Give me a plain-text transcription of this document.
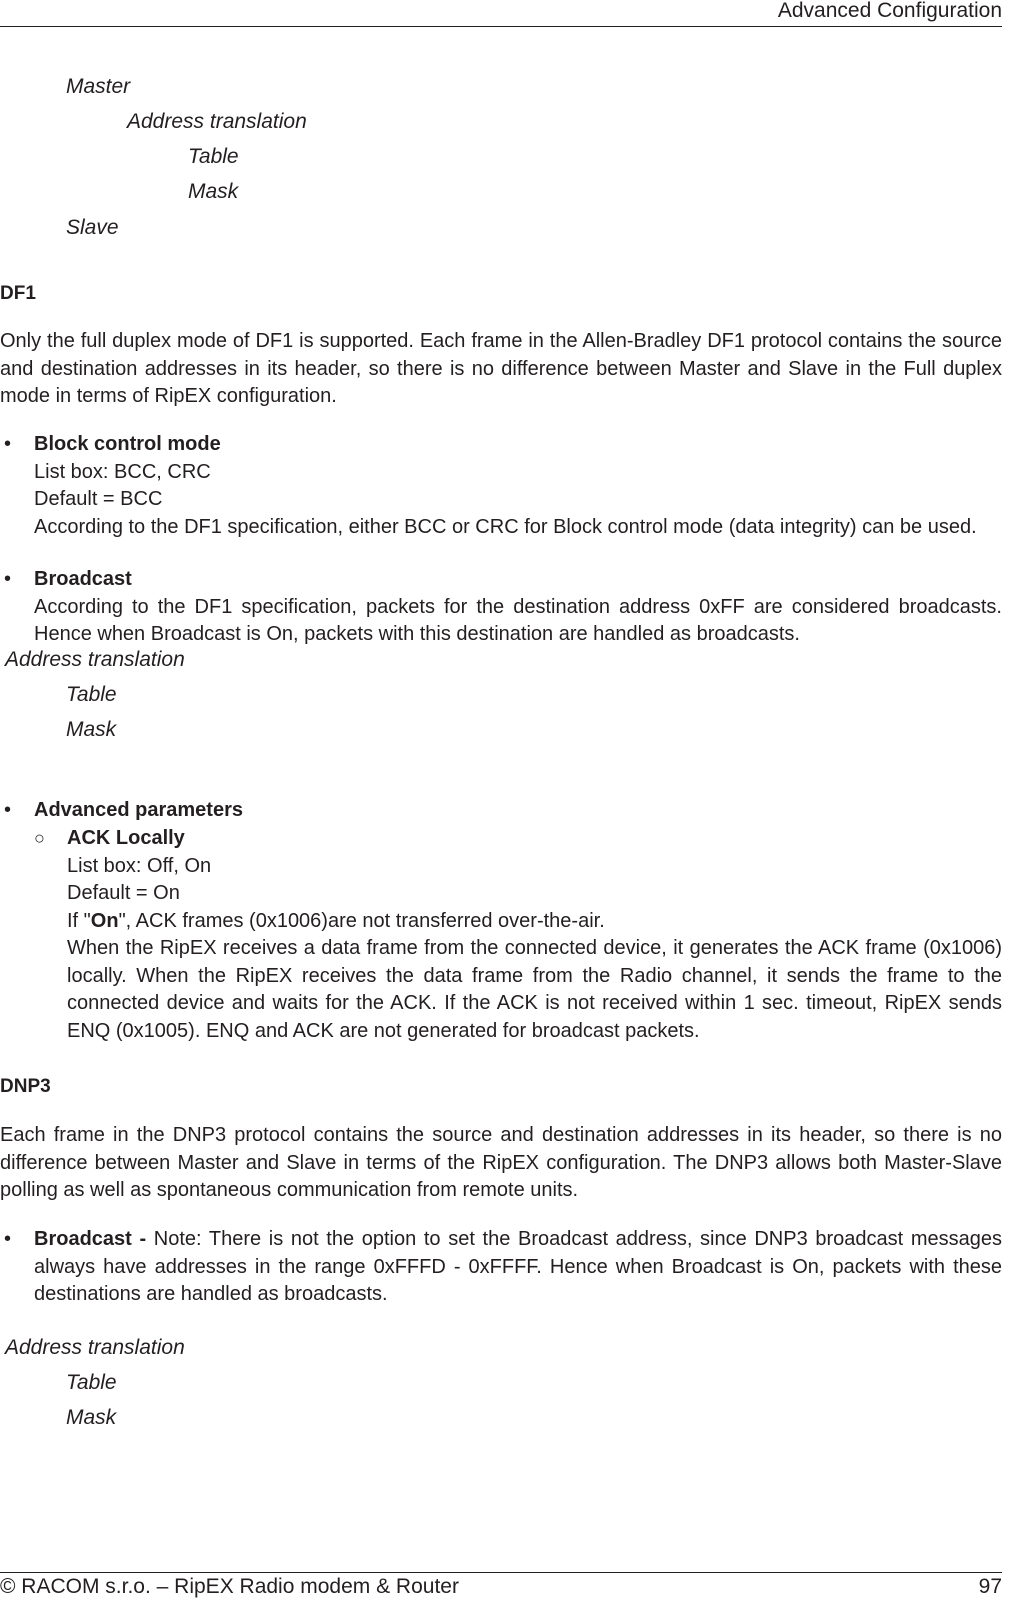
Advanced Configuration
Master
Address translation
Table
Mask
Slave
DF1
Only the full duplex mode of DF1 is supported. Each frame in the Allen-Bradley DF1 protocol contains the source and destination addresses in its header, so there is no difference between Master and Slave in the Full duplex mode in terms of RipEX configuration.
• Block control mode
List box: BCC, CRC
Default = BCC
According to the DF1 specification, either BCC or CRC for Block control mode (data integrity) can be used.
• Broadcast
According to the DF1 specification, packets for the destination address 0xFF are considered broadcasts. Hence when Broadcast is On, packets with this destination are handled as broadcasts.
Address translation
Table
Mask
• Advanced parameters
○ ACK Locally
List box: Off, On
Default = On
If "On", ACK frames (0x1006)are not transferred over-the-air.
When the RipEX receives a data frame from the connected device, it generates the ACK frame (0x1006) locally. When the RipEX receives the data frame from the Radio channel, it sends the frame to the connected device and waits for the ACK. If the ACK is not received within 1 sec. timeout, RipEX sends ENQ (0x1005). ENQ and ACK are not generated for broadcast packets.
DNP3
Each frame in the DNP3 protocol contains the source and destination addresses in its header, so there is no difference between Master and Slave in terms of the RipEX configuration. The DNP3 allows both Master-Slave polling as well as spontaneous communication from remote units.
• Broadcast - Note: There is not the option to set the Broadcast address, since DNP3 broadcast messages always have addresses in the range 0xFFFD - 0xFFFF. Hence when Broadcast is On, packets with these destinations are handled as broadcasts.
Address translation
Table
Mask
© RACOM s.r.o. – RipEX Radio modem & Router	97
